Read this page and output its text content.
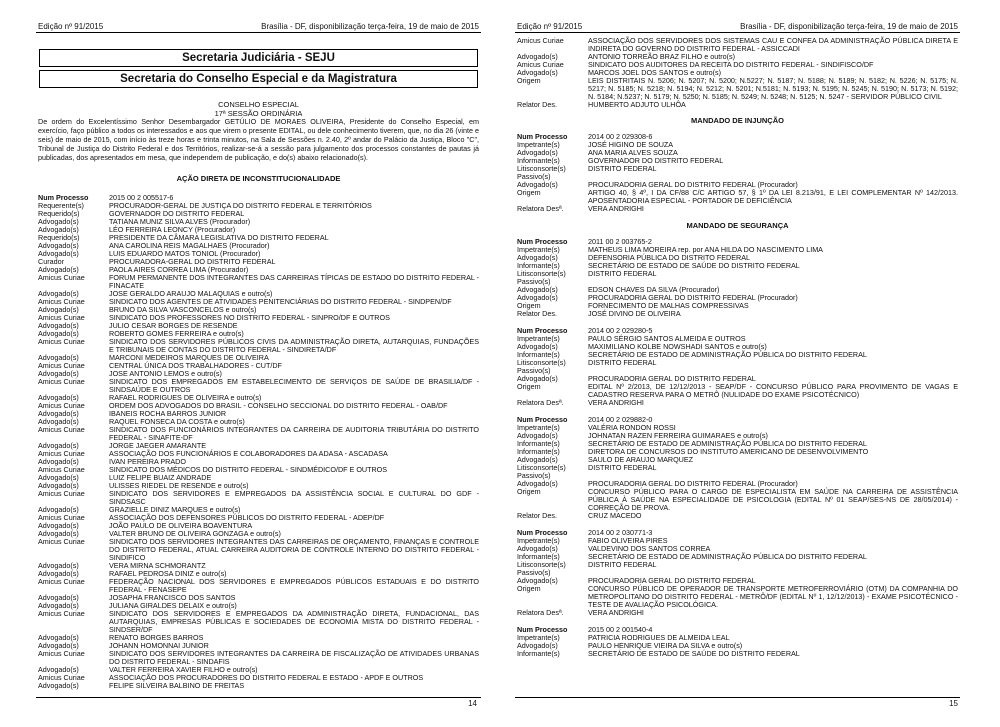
Edição nº 91/2015	Brasília - DF, disponibilização terça-feira, 19 de maio de 2015
Secretaria Judiciária - SEJU
Secretaria do Conselho Especial e da Magistratura
CONSELHO ESPECIAL
17ª SESSÃO ORDINÁRIA
De ordem do Excelentíssimo Senhor Desembargador GETÚLIO DE MORAES OLIVEIRA, Presidente do Conselho Especial, em exercício, faço público a todos os interessados e aos que virem o presente EDITAL, ou dele conhecimento tiverem, que, no dia 26 (vinte e seis) de maio de 2015, com início às treze horas e trinta minutos, na Sala de Sessões n. 2.40, 2º andar do Palácio da Justiça, Bloco "C", Tribunal de Justiça do Distrito Federal e dos Territórios, realizar-se-á a sessão para julgamento dos processos constantes de pautas já publicadas, dos apresentados em mesa, que independem de publicação, e do(s) abaixo relacionado(s).
AÇÃO DIRETA DE INCONSTITUCIONALIDADE
Num Processo	2015 00 2 005517-6
Requerente(s)	PROCURADOR-GERAL DE JUSTIÇA DO DISTRITO FEDERAL E TERRITÓRIOS
Requerido(s)	GOVERNADOR DO DISTRITO FEDERAL
Advogado(s)	TATIANA MUNIZ SILVA ALVES (Procurador)
Advogado(s)	LÉO FERREIRA LEONCY (Procurador)
Requerido(s)	PRESIDENTE DA CÂMARA LEGISLATIVA DO DISTRITO FEDERAL
Advogado(s)	ANA CAROLINA REIS MAGALHAES (Procurador)
Advogado(s)	LUIS EDUARDO MATOS TONIOL (Procurador)
Curador	PROCURADORA-GERAL DO DISTRITO FEDERAL
Advogado(s)	PAOLA AIRES CORREA LIMA (Procurador)
Amicus Curiae	FORUM PERMANENTE DOS INTEGRANTES DAS CARREIRAS TÍPICAS DE ESTADO DO DISTRITO FEDERAL - FINACATE
Advogado(s)	JOSE GERALDO ARAUJO MALAQUIAS e outro(s)
Amicus Curiae	SINDICATO DOS AGENTES DE ATIVIDADES PENITENCIÁRIAS DO DISTRITO FEDERAL - SINDPEN/DF
Advogado(s)	BRUNO DA SILVA VASCONCELOS e outro(s)
Amicus Curiae	SINDICATO DOS PROFESSORES NO DISTRITO FEDERAL - SINPRO/DF E OUTROS
Advogado(s)	JULIO CESAR BORGES DE RESENDE
Advogado(s)	ROBERTO GOMES FERREIRA e outro(s)
Amicus Curiae	SINDICATO DOS SERVIDORES PÚBLICOS CIVIS DA ADMINISTRAÇÃO DIRETA, AUTARQUIAS, FUNDAÇÕES E TRIBUNAIS DE CONTAS DO DISTRITO FEDERAL - SINDIRETA/DF
Advogado(s)	MARCONI MEDEIROS MARQUES DE OLIVEIRA
Amicus Curiae	CENTRAL ÚNICA DOS TRABALHADORES - CUT/DF
Advogado(s)	JOSE ANTONIO LEMOS e outro(s)
Amicus Curiae	SINDICATO DOS EMPREGADOS EM ESTABELECIMENTO DE SERVIÇOS DE SAÚDE DE BRASILIA/DF - SINDSAÚDE E OUTROS
Advogado(s)	RAFAEL RODRIGUES DE OLIVEIRA e outro(s)
Amicus Curiae	ORDEM DOS ADVOGADOS DO BRASIL - CONSELHO SECCIONAL DO DISTRITO FEDERAL - OAB/DF
Advogado(s)	IBANEIS ROCHA BARROS JUNIOR
Advogado(s)	RAQUEL FONSECA DA COSTA e outro(s)
Amicus Curiae	SINDICATO DOS FUNCIONÁRIOS INTEGRANTES DA CARREIRA DE AUDITORIA TRIBUTÁRIA DO DISTRITO FEDERAL - SINAFITE-DF
Advogado(s)	JORGE JAEGER AMARANTE
Amicus Curiae	ASSOCIAÇÃO DOS FUNCIONÁRIOS E COLABORADORES DA ADASA - ASCADASA
Advogado(s)	IVAN PEREIRA PRADO
Amicus Curiae	SINDICATO DOS MÉDICOS DO DISTRITO FEDERAL - SINDMÉDICO/DF E OUTROS
Advogado(s)	LUIZ FELIPE BUAIZ ANDRADE
Advogado(s)	ULISSES RIEDEL DE RESENDE e outro(s)
Amicus Curiae	SINDICATO DOS SERVIDORES E EMPREGADOS DA ASSISTÊNCIA SOCIAL E CULTURAL DO GDF - SINDSASC
Advogado(s)	GRAZIELLE DINIZ MARQUES e outro(s)
Amicus Curiae	ASSOCIAÇÃO DOS DEFENSORES PÚBLICOS DO DISTRITO FEDERAL - ADEP/DF
Advogado(s)	JOÃO PAULO DE OLIVEIRA BOAVENTURA
Advogado(s)	VALTER BRUNO DE OLIVEIRA GONZAGA e outro(s)
Amicus Curiae	SINDICATO DOS SERVIDORES INTEGRANTES DAS CARREIRAS DE ORÇAMENTO, FINANÇAS E CONTROLE DO DISTRITO FEDERAL, ATUAL CARREIRA AUDITORIA DE CONTROLE INTERNO DO DISTRITO FEDERAL - SINDIFICO
Advogado(s)	VERA MIRNA SCHMORANTZ
Advogado(s)	RAFAEL PEDROSA DINIZ e outro(s)
Amicus Curiae	FEDERAÇÃO NACIONAL DOS SERVIDORES E EMPREGADOS PÚBLICOS ESTADUAIS E DO DISTRITO FEDERAL - FENASEPE
Advogado(s)	JOSAPHA FRANCISCO DOS SANTOS
Advogado(s)	JULIANA GIRALDES DELAIX e outro(s)
Amicus Curiae	SINDICATO DOS SERVIDORES E EMPREGADOS DA ADMINISTRAÇÃO DIRETA, FUNDACIONAL, DAS AUTARQUIAS, EMPRESAS PÚBLICAS E SOCIEDADES DE ECONOMIA MISTA DO DISTRITO FEDERAL - SINDSER/DF
Advogado(s)	RENATO BORGES BARROS
Advogado(s)	JOHANN HOMONNAI JUNIOR
Amicus Curiae	SINDICATO DOS SERVIDORES INTEGRANTES DA CARREIRA DE FISCALIZAÇÃO DE ATIVIDADES URBANAS DO DISTRITO FEDERAL - SINDAFIS
Advogado(s)	VALTER FERREIRA XAVIER FILHO e outro(s)
Amicus Curiae	ASSOCIAÇÃO DOS PROCURADORES DO DISTRITO FEDERAL E ESTADO - APDF E OUTROS
Advogado(s)	FELIPE SILVEIRA BALBINO DE FREITAS
14
Edição nº 91/2015	Brasília - DF, disponibilização terça-feira, 19 de maio de 2015
Amicus Curiae	ASSOCIAÇÃO DOS SERVIDORES DOS SISTEMAS CAU E CONFEA DA ADMINISTRAÇÃO PÚBLICA DIRETA E INDIRETA DO GOVERNO DO DISTRITO FEDERAL - ASSICCADI
Advogado(s)	ANTONIO TORREÃO BRAZ FILHO e outro(s)
Amicus Curiae	SINDICATO DOS AUDITORES DA RECEITA DO DISTRITO FEDERAL - SINDIFISCO/DF
Advogado(s)	MARCOS JOEL DOS SANTOS e outro(s)
Origem	LEIS DISTRITAIS N. 5206; N. 5207; N. 5200; N.5227; N. 5187; N. 5188; N. 5189; N. 5182; N. 5226; N. 5175; N. 5217; N. 5185; N. 5218; N. 5194; N. 5212; N. 5201; N.5181; N. 5193; N. 5195; N. 5245; N. 5190; N. 5173; N. 5192; N. 5184; N.5237; N. 5179; N. 5250; N. 5185; N. 5249; N. 5248; N. 5125; N. 5247 - SERVIDOR PÚBLICO CIVIL
Relator Des.	HUMBERTO ADJUTO ULHÔA
MANDADO DE INJUNÇÃO
Num Processo	2014 00 2 029308-6
Impetrante(s)	JOSÉ HIGINO DE SOUZA
Advogado(s)	ANA MARIA ALVES SOUZA
Informante(s)	GOVERNADOR DO DISTRITO FEDERAL
Litisconsorte(s)	DISTRITO FEDERAL
Passivo(s)
Advogado(s)	PROCURADORIA GERAL DO DISTRITO FEDERAL (Procurador)
Origem	ARTIGO 40, § 4º, I DA CF/88 C/C ARTIGO 57, § 1º DA LEI 8.213/91, E LEI COMPLEMENTAR Nº 142/2013. APOSENTADORIA ESPECIAL - PORTADOR DE DEFICIÊNCIA
Relatora Desª.	VERA ANDRIGHI
MANDADO DE SEGURANÇA
Num Processo	2011 00 2 003765-2
Impetrante(s)	MATHEUS LIMA MOREIRA rep. por ANA HILDA DO NASCIMENTO LIMA
Advogado(s)	DEFENSORIA PÚBLICA DO DISTRITO FEDERAL
Informante(s)	SECRETÁRIO DE ESTADO DE SAÚDE DO DISTRITO FEDERAL
Litisconsorte(s)	DISTRITO FEDERAL
Passivo(s)
Advogado(s)	EDSON CHAVES DA SILVA (Procurador)
Advogado(s)	PROCURADORIA GERAL DO DISTRITO FEDERAL (Procurador)
Origem	FORNECIMENTO DE MALHAS COMPRESSIVAS
Relator Des.	JOSÉ DIVINO DE OLIVEIRA
Num Processo	2014 00 2 029280-5
Impetrante(s)	PAULO SÉRGIO SANTOS ALMEIDA E OUTROS
Advogado(s)	MAXIMILIANO KOLBE NOWSHADI SANTOS e outro(s)
Informante(s)	SECRETÁRIO DE ESTADO DE ADMINISTRAÇÃO PÚBLICA DO DISTRITO FEDERAL
Litisconsorte(s)	DISTRITO FEDERAL
Passivo(s)
Advogado(s)	PROCURADORIA GERAL DO DISTRITO FEDERAL
Origem	EDITAL Nº 2/2013, DE 12/12/2013 - SEAP/DF - CONCURSO PÚBLICO PARA PROVIMENTO DE VAGAS E CADASTRO RESERVA PARA O METRÔ (NULIDADE DO EXAME PSICOTÉCNICO)
Relatora Desª.	VERA ANDRIGHI
Num Processo	2014 00 2 029882-0
Impetrante(s)	VALÉRIA RONDON ROSSI
Advogado(s)	JOHNATAN RAZEN FERREIRA GUIMARAES e outro(s)
Informante(s)	SECRETÁRIO DE ESTADO DE ADMINISTRAÇÃO PÚBLICA DO DISTRITO FEDERAL
Informante(s)	DIRETORA DE CONCURSOS DO INSTITUTO AMERICANO DE DESENVOLVIMENTO
Advogado(s)	SAULO DE ARAUJO MARQUEZ
Litisconsorte(s)	DISTRITO FEDERAL
Passivo(s)
Advogado(s)	PROCURADORIA GERAL DO DISTRITO FEDERAL (Procurador)
Origem	CONCURSO PÚBLICO PARA O CARGO DE ESPECIALISTA EM SAÚDE NA CARREIRA DE ASSISTÊNCIA PÚBLICA À SAÚDE NA ESPECIALIDADE DE PSICOLOGIA (EDITAL Nº 01 SEAP/SES-NS DE 28/05/2014) - CORREÇÃO DE PROVA.
Relator Des.	CRUZ MACEDO
Num Processo	2014 00 2 030771-3
Impetrante(s)	FABIO OLIVEIRA PIRES
Advogado(s)	VALDEVINO DOS SANTOS CORREA
Informante(s)	SECRETÁRIO DE ESTADO DE ADMINISTRAÇÃO PÚBLICA DO DISTRITO FEDERAL
Litisconsorte(s)	DISTRITO FEDERAL
Passivo(s)
Advogado(s)	PROCURADORIA GERAL DO DISTRITO FEDERAL
Origem	CONCURSO PÚBLICO DE OPERADOR DE TRANSPORTE METROFERROVIÁRIO (OTM) DA COMPANHIA DO METROPOLITANO DO DISTRITO FEDERAL - METRÔ/DF (EDITAL Nº 1, 12/12/2013) - EXAME PSICOTÉCNICO - TESTE DE AVALIAÇÃO PSICOLÓGICA.
Relatora Desª.	VERA ANDRIGHI
Num Processo	2015 00 2 001540-4
Impetrante(s)	PATRICIA RODRIGUES DE ALMEIDA LEAL
Advogado(s)	PAULO HENRIQUE VIEIRA DA SILVA e outro(s)
Informante(s)	SECRETÁRIO DE ESTADO DE SAÚDE DO DISTRITO FEDERAL
15
